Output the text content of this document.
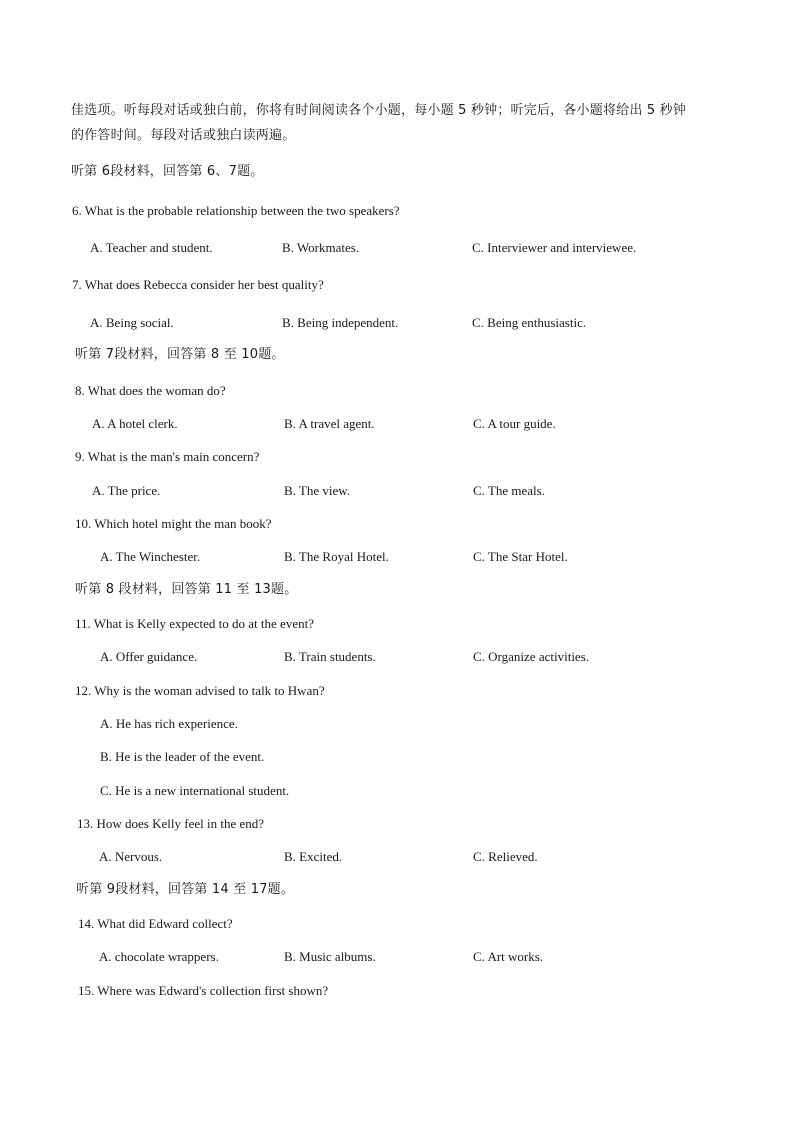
佳选项。听每段对话或独白前，你将有时间阅读各个小题，每小题 5 秒钟；听完后，各小题将给出 5 秒钟
的作答时间。每段对话或独白读两遍。
听第 6段材料，回答第 6、7题。
6. What is the probable relationship between the two speakers?
A. Teacher and student.	B. Workmates.	C. Interviewer and interviewee.
7. What does Rebecca consider her best quality?
A. Being social.	B. Being independent.	C. Being enthusiastic.
听第 7段材料，回答第 8 至 10题。
8. What does the woman do?
A. A hotel clerk.	B. A travel agent.	C. A tour guide.
9. What is the man's main concern?
A. The price.	B. The view.	C. The meals.
10. Which hotel might the man book?
A. The Winchester.	B. The Royal Hotel.	C. The Star Hotel.
听第 8 段材料，回答第 11 至 13题。
11. What is Kelly expected to do at the event?
A. Offer guidance.	B. Train students.	C. Organize activities.
12. Why is the woman advised to talk to Hwan?
A. He has rich experience.
B. He is the leader of the event.
C. He is a new international student.
13. How does Kelly feel in the end?
A. Nervous.	B. Excited.	C. Relieved.
听第 9段材料，回答第 14 至 17题。
14. What did Edward collect?
A. chocolate wrappers.	B. Music albums.	C. Art works.
15. Where was Edward's collection first shown?
